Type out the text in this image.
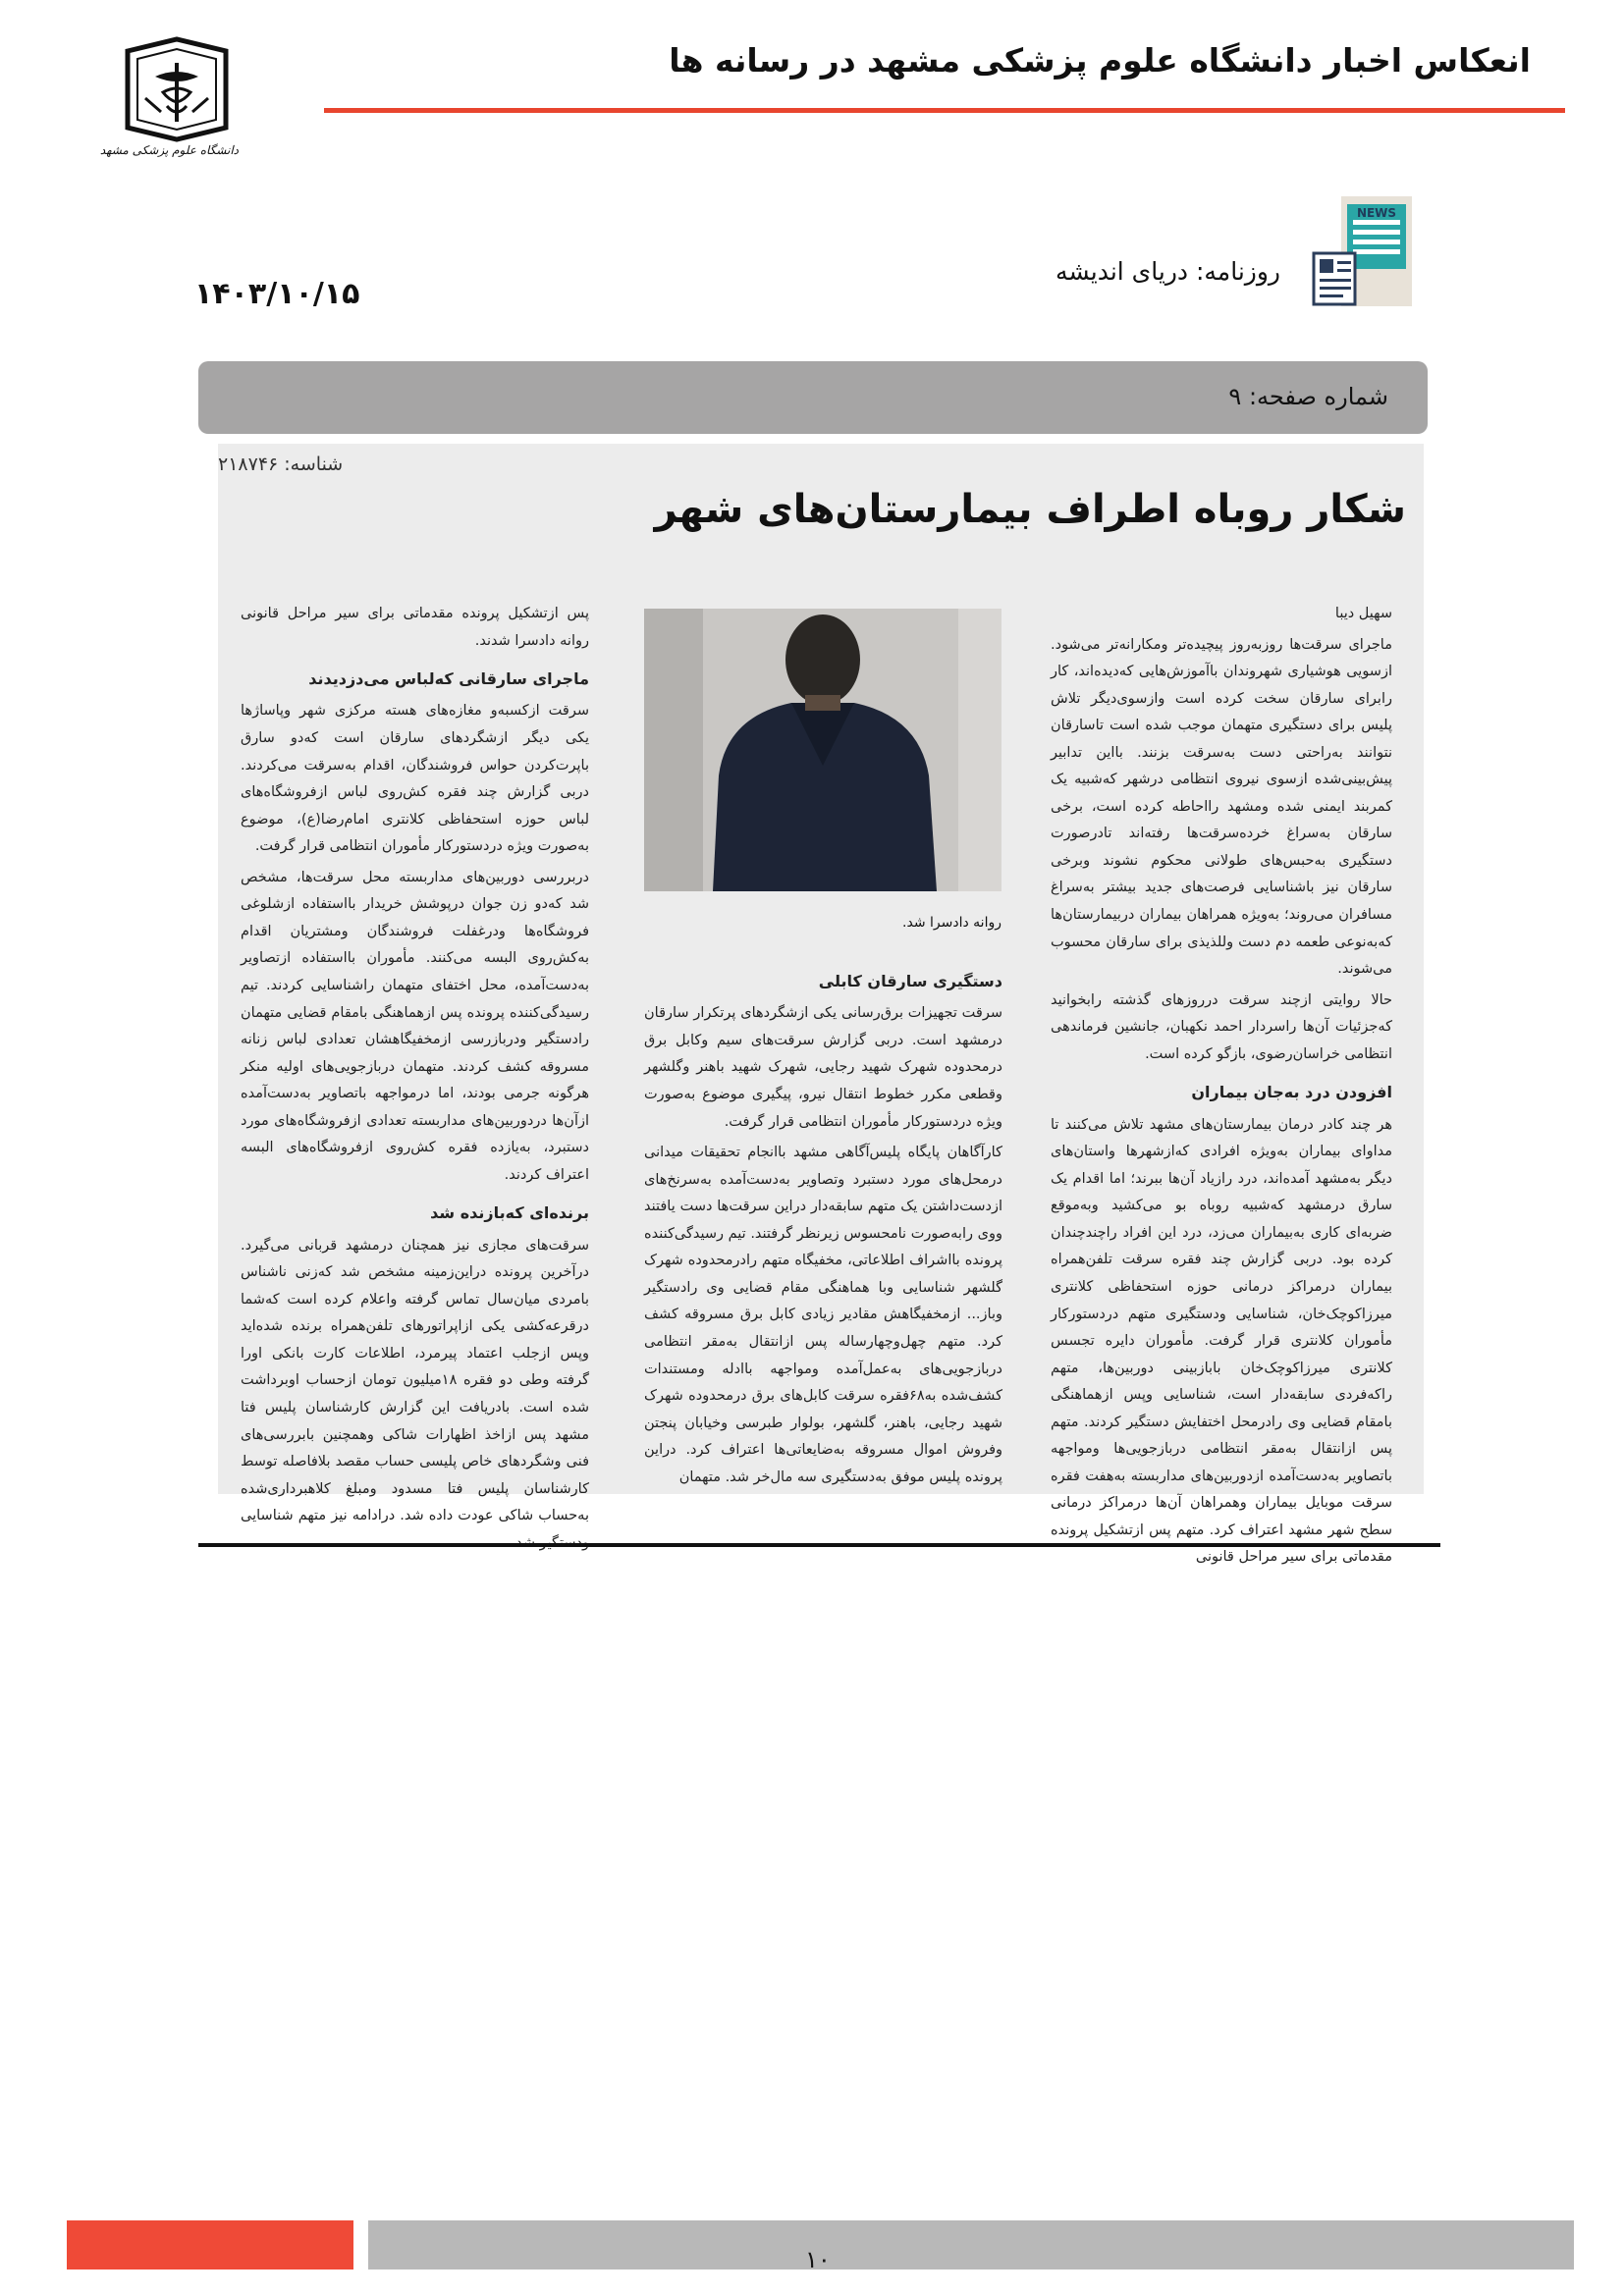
انعکاس اخبار دانشگاه علوم پزشکی مشهد در رسانه ها
دانشگاه علوم پزشکی مشهد
NEWS
روزنامه: دریای اندیشه
۱۴۰۳/۱۰/۱۵
شماره صفحه: ۹
شناسه: ۲۱۸۷۴۶
شکار روباه اطراف بیمارستان‌های شهر

سهیل دیبا

ماجرای سرقت‌ها روزبه‌روز پیچیده‌تر ومکارانه‌تر می‌شود. ازسویی هوشیاری شهروندان باآموزش‌هایی که‌دیده‌اند، کار رابرای سارقان سخت کرده است وازسوی‌دیگر تلاش پلیس برای دستگیری متهمان موجب شده است تاسارقان نتوانند به‌راحتی دست به‌سرقت بزنند. بااین تدابیر پیش‌بینی‌شده ازسوی نیروی انتظامی درشهر که‌شبیه یک کمربند ایمنی شده ومشهد رااحاطه کرده است، برخی سارقان به‌سراغ خرده‌سرقت‌ها رفته‌اند تادرصورت دستگیری به‌حبس‌های طولانی محکوم نشوند وبرخی سارقان نیز باشناسایی فرصت‌های جدید بیشتر به‌سراغ مسافران می‌روند؛ به‌ویژه همراهان بیماران دربیمارستان‌ها که‌به‌نوعی طعمه دم دست وللذیذی برای سارقان محسوب می‌شوند.

حالا روایتی ازچند سرقت درروزهای گذشته رابخوانید که‌جزئیات آن‌ها راسردار احمد نکهبان، جانشین فرماندهی انتظامی خراسان‌رضوی، بازگو کرده است.

افزودن درد به‌جان بیماران

هر چند کادر درمان بیمارستان‌های مشهد تلاش می‌کنند تا مداوای بیماران به‌ویژه افرادی که‌ازشهرها واستان‌های دیگر به‌مشهد آمده‌اند، درد رازیاد آن‌ها ببرند؛ اما اقدام یک سارق درمشهد که‌شبیه روباه بو می‌کشید وبه‌موقع ضربه‌ای کاری به‌بیماران می‌زد، درد این افراد راچندچندان کرده بود. دربی گزارش چند فقره سرقت تلفن‌همراه بیماران درمراکز درمانی حوزه استحفاظی کلانتری میرزاکوچک‌خان، شناسایی ودستگیری متهم دردستورکار مأموران کلانتری قرار گرفت. مأموران دایره تجسس کلانتری میرزاکوچک‌خان بابازبینی دوربین‌ها، متهم راکه‌فردی سابقه‌دار است، شناسایی وپس ازهماهنگی بامقام قضایی وی رادرمحل اختفایش دستگیر کردند. متهم پس ازانتقال به‌مقر انتظامی دربازجویی‌ها ومواجهه باتصاویر به‌دست‌آمده ازدوربین‌های مداربسته به‌هفت فقره سرقت موبایل بیماران وهمراهان آن‌ها درمراکز درمانی سطح شهر مشهد اعتراف کرد. متهم پس ازتشکیل پرونده مقدماتی برای سیر مراحل قانونی

روانه دادسرا شد.

دستگیری سارقان کابلی

سرقت تجهیزات برق‌رسانی یکی ازشگردهای پرتکرار سارقان درمشهد است. دربی گزارش سرقت‌های سیم وکابل برق درمحدوده شهرک شهید رجایی، شهرک شهید باهنر وگلشهر وقطعی مکرر خطوط انتقال نیرو، پیگیری موضوع به‌صورت ویژه دردستورکار مأموران انتظامی قرار گرفت.

کارآگاهان پایگاه پلیس‌آگاهی مشهد باانجام تحقیقات میدانی درمحل‌های مورد دستبرد وتصاویر به‌دست‌آمده به‌سرنخ‌های ازدست‌داشتن یک متهم سابقه‌دار دراین سرقت‌ها دست یافتند ووی رابه‌صورت نامحسوس زیرنظر گرفتند. تیم رسیدگی‌کننده پرونده بااشراف اطلاعاتی، مخفیگاه متهم رادرمحدوده شهرک گلشهر شناسایی وبا هماهنگی مقام قضایی وی رادستگیر وباز... ازمخفیگاهش مقادیر زیادی کابل برق مسروقه کشف کرد. متهم چهل‌وچهارساله پس ازانتقال به‌مقر انتظامی دربازجویی‌های به‌عمل‌آمده ومواجهه باادله ومستندات کشف‌شده به۶۸فقره سرقت کابل‌های برق درمحدوده شهرک شهید رجایی، باهنر، گلشهر، بولوار طبرسی وخیابان پنجتن وفروش اموال مسروقه به‌ضایعاتی‌ها اعتراف کرد. دراین پرونده پلیس موفق به‌دستگیری سه مال‌خر شد. متهمان

پس ازتشکیل پرونده مقدماتی برای سیر مراحل قانونی روانه دادسرا شدند.

ماجرای سارقانی که‌لباس می‌دزدیدند

سرقت ازکسبه‌و مغازه‌های هسته مرکزی شهر وپاساژها یکی دیگر ازشگردهای سارقان است که‌دو سارق باپرت‌کردن حواس فروشندگان، اقدام به‌سرقت می‌کردند. دربی گزارش چند فقره کش‌روی لباس ازفروشگاه‌های لباس حوزه استحفاظی کلانتری امام‌رضا(ع)، موضوع به‌صورت ویژه دردستورکار مأموران انتظامی قرار گرفت.

دربررسی دوربین‌های مداربسته محل سرقت‌ها، مشخص شد که‌دو زن جوان درپوشش خریدار بااستفاده ازشلوغی فروشگاه‌ها ودرغفلت فروشندگان ومشتریان اقدام به‌کش‌روی البسه می‌کنند. مأموران بااستفاده ازتصاویر به‌دست‌آمده، محل اختفای متهمان راشناسایی کردند. تیم رسیدگی‌کننده پرونده پس ازهماهنگی بامقام قضایی متهمان رادستگیر ودربازرسی ازمخفیگاهشان تعدادی لباس زنانه مسروقه کشف کردند. متهمان دربازجویی‌های اولیه منکر هرگونه جرمی بودند، اما درمواجهه باتصاویر به‌دست‌آمده ازآن‌ها دردوربین‌های مداربسته تعدادی ازفروشگاه‌های مورد دستبرد، به‌یازده فقره کش‌روی ازفروشگاه‌های البسه اعتراف کردند.

برنده‌ای که‌بازنده شد

سرقت‌های مجازی نیز همچنان درمشهد قربانی می‌گیرد. درآخرین پرونده دراین‌زمینه مشخص شد که‌زنی ناشناس بامردی میان‌سال تماس گرفته واعلام کرده است که‌شما درقرعه‌کشی یکی ازاپراتورهای تلفن‌همراه برنده شده‌اید وپس ازجلب اعتماد پیرمرد، اطلاعات کارت بانکی اورا گرفته وطی دو فقره ۱۸میلیون تومان ازحساب اوبرداشت شده است. بادریافت این گزارش کارشناسان پلیس فتا مشهد پس ازاخذ اظهارات شاکی وهمچنین بابررسی‌های فنی وشگردهای خاص پلیسی حساب مقصد بلافاصله توسط کارشناسان پلیس فتا مسدود ومبلغ کلاهبرداری‌شده به‌حساب شاکی عودت داده شد. درادامه نیز متهم شناسایی

۱۰
